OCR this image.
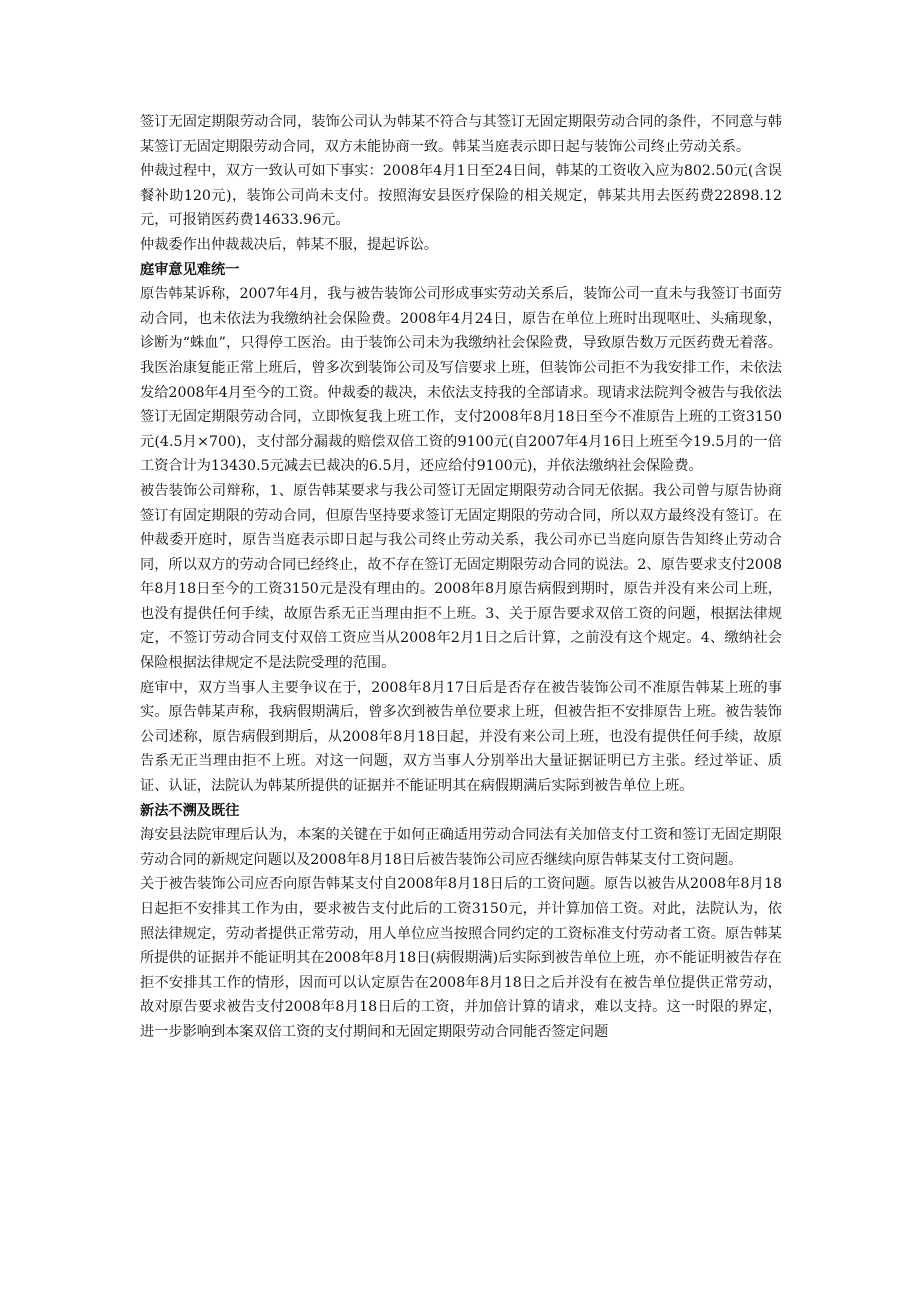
签订无固定期限劳动合同，装饰公司认为韩某不符合与其签订无固定期限劳动合同的条件，不同意与韩某签订无固定期限劳动合同，双方未能协商一致。韩某当庭表示即日起与装饰公司终止劳动关系。

仲裁过程中，双方一致认可如下事实：2008年4月1日至24日间，韩某的工资收入应为802.50元(含误餐补助120元)，装饰公司尚未支付。按照海安县医疗保险的相关规定，韩某共用去医药费22898.12元，可报销医药费14633.96元。

仲裁委作出仲裁裁决后，韩某不服，提起诉讼。

庭审意见难统一

原告韩某诉称，2007年4月，我与被告装饰公司形成事实劳动关系后，装饰公司一直未与我签订书面劳动合同，也未依法为我缴纳社会保险费。2008年4月24日，原告在单位上班时出现呕吐、头痛现象，诊断为“蛛血”，只得停工医治。由于装饰公司未为我缴纳社会保险费，导致原告数万元医药费无着落。我医治康复能正常上班后，曾多次到装饰公司及写信要求上班，但装饰公司拒不为我安排工作，未依法发给2008年4月至今的工资。仲裁委的裁决，未依法支持我的全部请求。现请求法院判令被告与我依法签订无固定期限劳动合同，立即恢复我上班工作，支付2008年8月18日至今不准原告上班的工资3150元(4.5月×700)，支付部分漏裁的赔偿双倍工资的9100元(自2007年4月16日上班至今19.5月的一倍工资合计为13430.5元减去已裁决的6.5月，还应给付9100元)，并依法缴纳社会保险费。

被告装饰公司辩称，1、原告韩某要求与我公司签订无固定期限劳动合同无依据。我公司曾与原告协商签订有固定期限的劳动合同，但原告坚持要求签订无固定期限的劳动合同，所以双方最终没有签订。在仲裁委开庭时，原告当庭表示即日起与我公司终止劳动关系，我公司亦已当庭向原告告知终止劳动合同，所以双方的劳动合同已经终止，故不存在签订无固定期限劳动合同的说法。2、原告要求支付2008年8月18日至今的工资3150元是没有理由的。2008年8月原告病假到期时，原告并没有来公司上班，也没有提供任何手续，故原告系无正当理由拒不上班。3、关于原告要求双倍工资的问题，根据法律规定，不签订劳动合同支付双倍工资应当从2008年2月1日之后计算，之前没有这个规定。4、缴纳社会保险根据法律规定不是法院受理的范围。

庭审中，双方当事人主要争议在于，2008年8月17日后是否存在被告装饰公司不准原告韩某上班的事实。原告韩某声称，我病假期满后，曾多次到被告单位要求上班，但被告拒不安排原告上班。被告装饰公司述称，原告病假到期后，从2008年8月18日起，并没有来公司上班，也没有提供任何手续，故原告系无正当理由拒不上班。对这一问题，双方当事人分别举出大量证据证明已方主张。经过举证、质证、认证，法院认为韩某所提供的证据并不能证明其在病假期满后实际到被告单位上班。

新法不溯及既往

海安县法院审理后认为，本案的关键在于如何正确适用劳动合同法有关加倍支付工资和签订无固定期限劳动合同的新规定问题以及2008年8月18日后被告装饰公司应否继续向原告韩某支付工资问题。

关于被告装饰公司应否向原告韩某支付自2008年8月18日后的工资问题。原告以被告从2008年8月18日起拒不安排其工作为由，要求被告支付此后的工资3150元，并计算加倍工资。对此，法院认为，依照法律规定，劳动者提供正常劳动，用人单位应当按照合同约定的工资标准支付劳动者工资。原告韩某所提供的证据并不能证明其在2008年8月18日(病假期满)后实际到被告单位上班，亦不能证明被告存在拒不安排其工作的情形，因而可以认定原告在2008年8月18日之后并没有在被告单位提供正常劳动，故对原告要求被告支付2008年8月18日后的工资，并加倍计算的请求，难以支持。这一时限的界定，进一步影响到本案双倍工资的支付期间和无固定期限劳动合同能否签定问题
